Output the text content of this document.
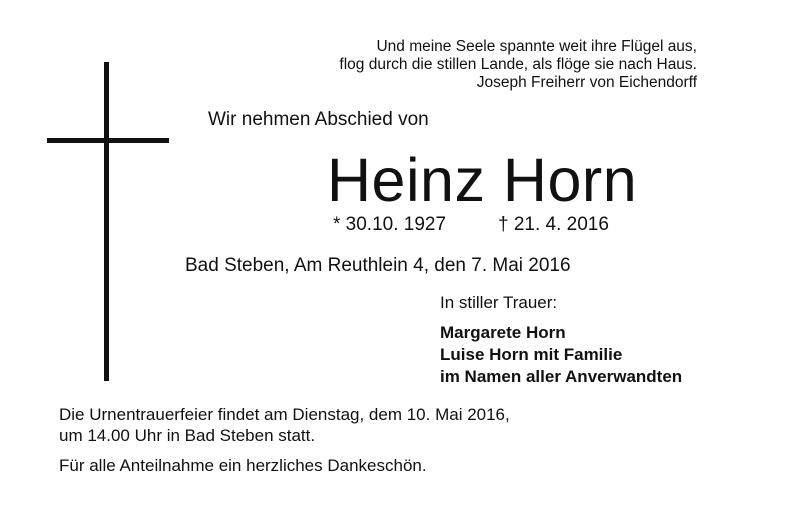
Und meine Seele spannte weit ihre Flügel aus,
flog durch die stillen Lande, als flöge sie nach Haus.
Joseph Freiherr von Eichendorff
Wir nehmen Abschied von
Heinz Horn
* 30.10. 1927	† 21. 4. 2016
Bad Steben, Am Reuthlein 4, den 7. Mai 2016
In stiller Trauer:
Margarete Horn
Luise Horn mit Familie
im Namen aller Anverwandten
Die Urnentrauerfeier findet am Dienstag, dem 10. Mai 2016,
um 14.00 Uhr in Bad Steben statt.
Für alle Anteilnahme ein herzliches Dankeschön.
